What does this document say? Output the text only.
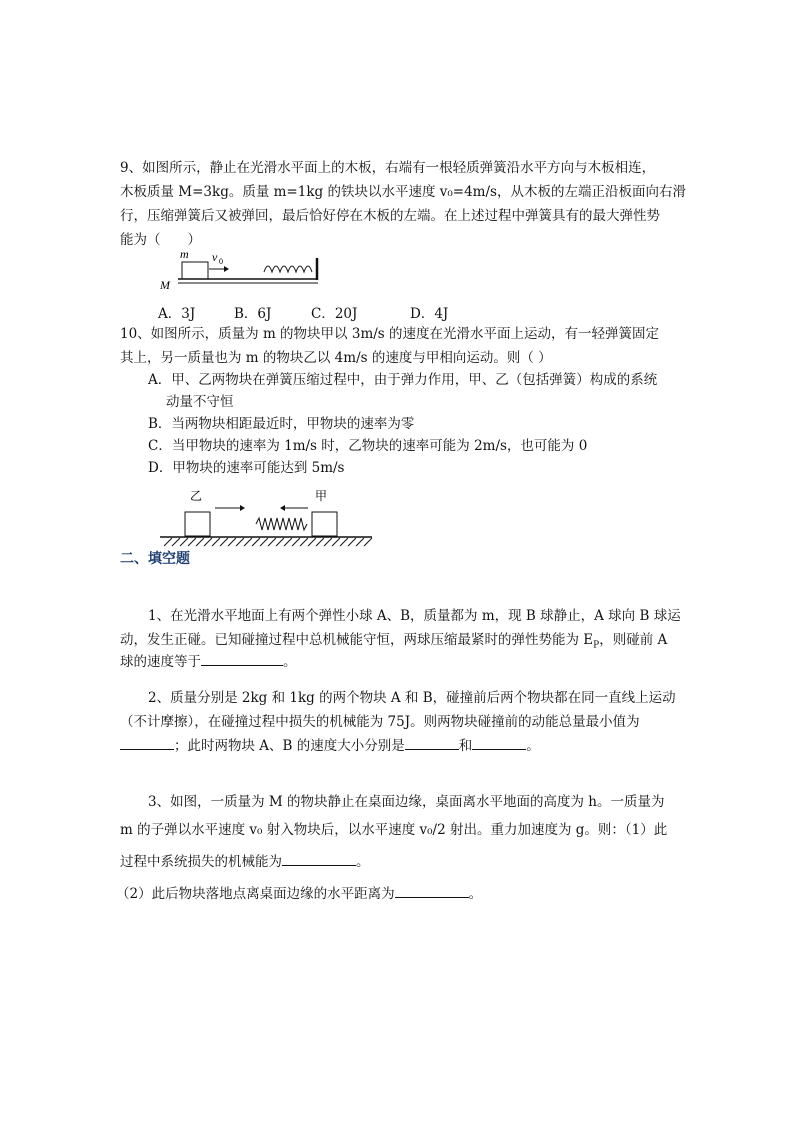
9、如图所示，静止在光滑水平面上的木板，右端有一根轻质弹簧沿水平方向与木板相连，
木板质量 M=3kg。质量 m=1kg 的铁块以水平速度 v₀=4m/s，从木板的左端正沿板面向右滑
行，压缩弹簧后又被弹回，最后恰好停在木板的左端。在上述过程中弹簧具有的最大弹性势
能为（　　）
m v 0
M
A．3J	B．6J	C．20J	D．4J
10、如图所示，质量为 m 的物块甲以 3m/s 的速度在光滑水平面上运动，有一轻弹簧固定
其上，另一质量也为 m 的物块乙以 4m/s 的速度与甲相向运动。则（ ）
A．甲、乙两物块在弹簧压缩过程中，由于弹力作用，甲、乙（包括弹簧）构成的系统
动量不守恒
B．当两物块相距最近时，甲物块的速率为零
C．当甲物块的速率为 1m/s 时，乙物块的速率可能为 2m/s，也可能为 0
D．甲物块的速率可能达到 5m/s
乙	甲
二、填空题
1、在光滑水平地面上有两个弹性小球 A、B，质量都为 m，现 B 球静止，A 球向 B 球运
动，发生正碰。已知碰撞过程中总机械能守恒，两球压缩最紧时的弹性势能为 $E_P$，则碰前 A
球的速度等于	。
2、质量分别是 2kg 和 1kg 的两个物块 A 和 B，碰撞前后两个物块都在同一直线上运动
（不计摩擦），在碰撞过程中损失的机械能为 75J。则两物块碰撞前的动能总量最小值为
；此时两物块 A、B 的速度大小分别是	和	。
3、如图，一质量为 M 的物块静止在桌面边缘，桌面离水平地面的高度为 h。一质量为
m 的子弹以水平速度 v₀ 射入物块后，以水平速度 v₀/2 射出。重力加速度为 g。则：（1）此
过程中系统损失的机械能为	。
（2）此后物块落地点离桌面边缘的水平距离为	。
